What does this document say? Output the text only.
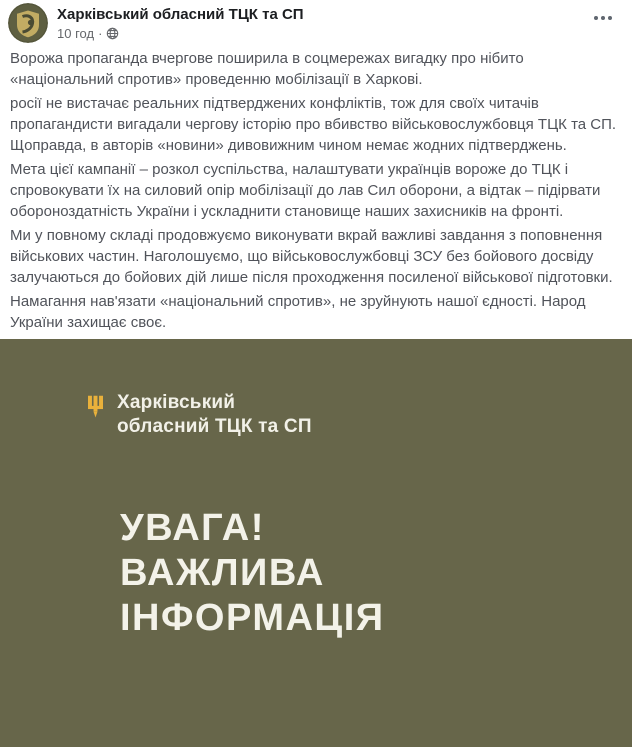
Харківський обласний ТЦК та СП
10 год ·

Ворожа пропаганда вчергове поширила в соцмережах вигадку про нібито «національний спротив» проведенню мобілізації в Харкові.

росії не вистачає реальних підтверджених конфліктів, тож для своїх читачів пропагандисти вигадали чергову історію про вбивство військовослужбовця ТЦК та СП. Щоправда, в авторів «новини» дивовижним чином немає жодних підтверджень.

Мета цієї кампанії – розкол суспільства, налаштувати українців вороже до ТЦК і спровокувати їх на силовий опір мобілізації до лав Сил оборони, а відтак – підірвати обороноздатність України і ускладнити становище наших захисників на фронті.

Ми у повному складі продовжуємо виконувати вкрай важливі завдання з поповнення військових частин. Наголошуємо, що військовослужбовці ЗСУ без бойового досвіду залучаються до бойових дій лише після проходження посиленої військової підготовки.

Намагання нав'язати «національний спротив», не зруйнують нашої єдності. Народ України захищає своє.

Харківський
обласний ТЦК та СП
УВАГА!
ВАЖЛИВА
ІНФОРМАЦІЯ
